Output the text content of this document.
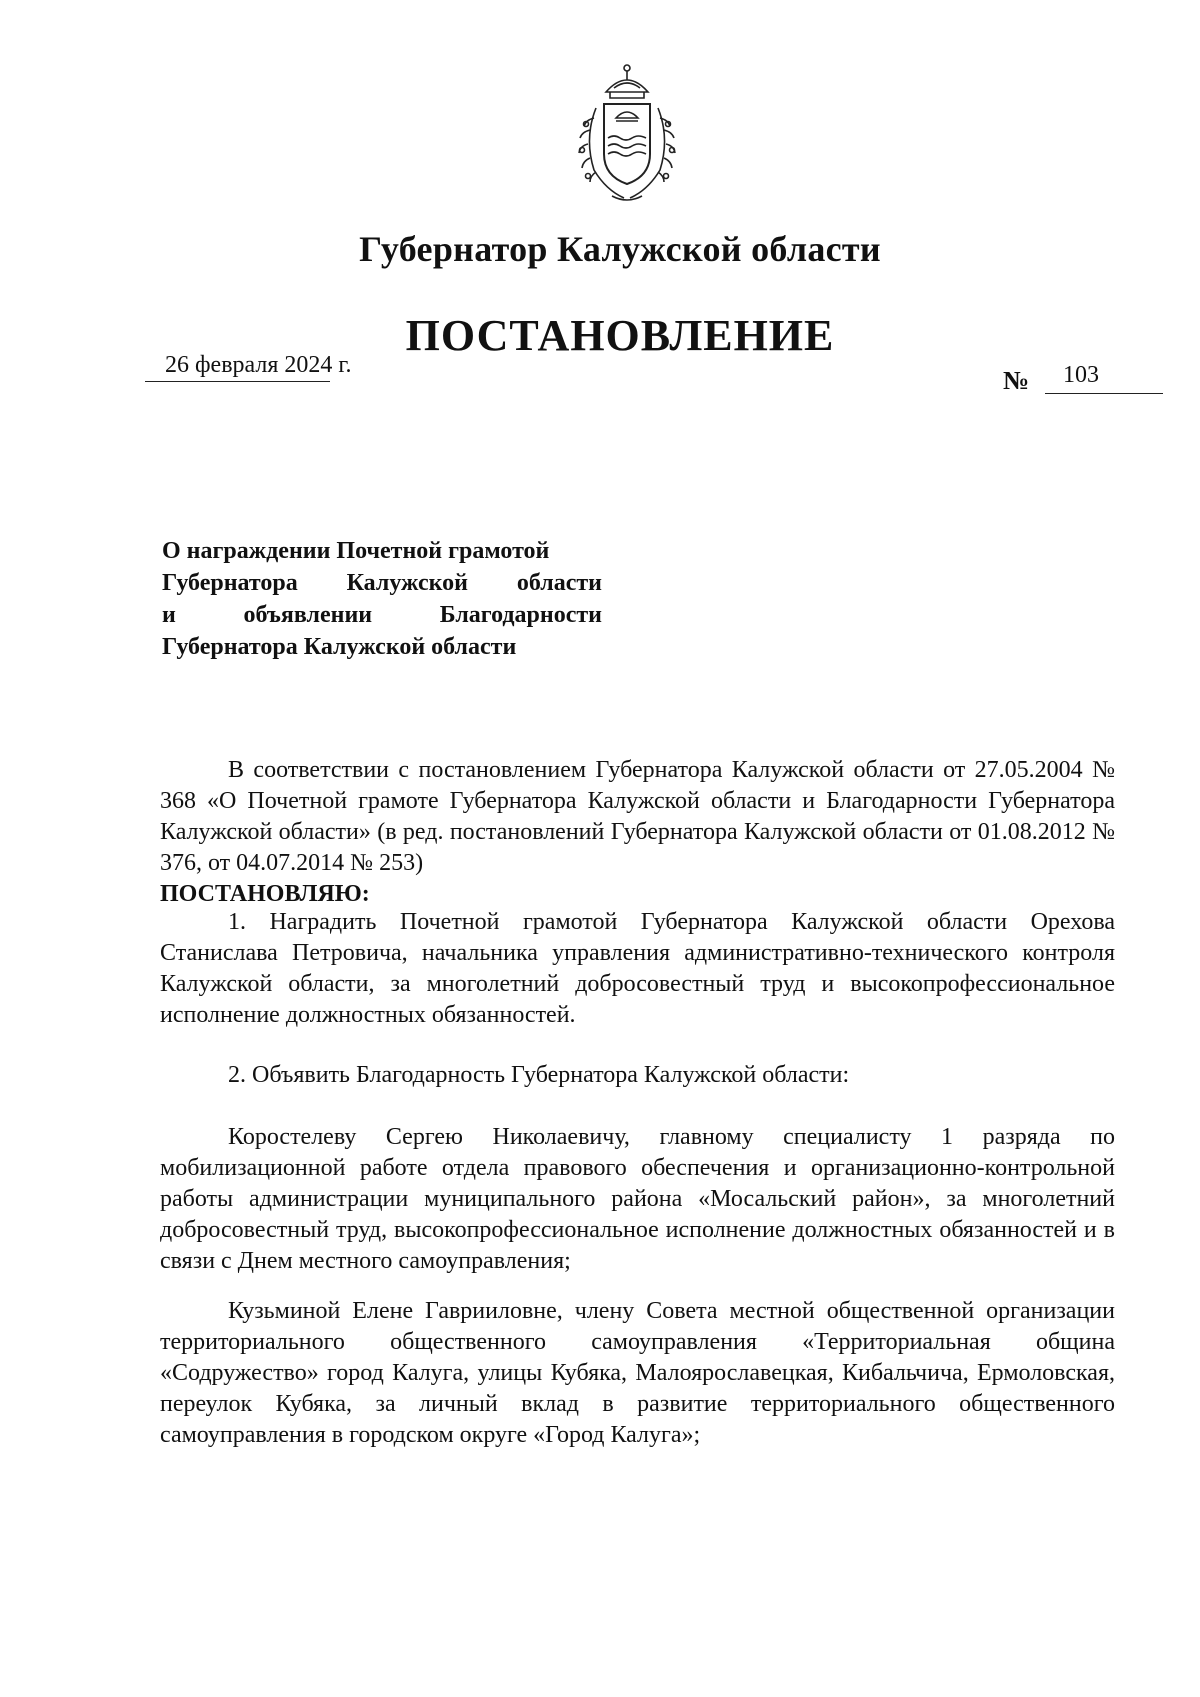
Губернатор Калужской области
ПОСТАНОВЛЕНИЕ
26 февраля 2024 г.
№ 103
О награждении Почетной грамотой
Губернатора Калужской области
и	объявлении	Благодарности
Губернатора Калужской области

В соответствии с постановлением Губернатора Калужской области от 27.05.2004 № 368 «О Почетной грамоте Губернатора Калужской области и Благодарности Губернатора Калужской области» (в ред. постановлений Губернатора Калужской области от 01.08.2012 № 376, от 04.07.2014 № 253)

ПОСТАНОВЛЯЮ:

1. Наградить Почетной грамотой Губернатора Калужской области Орехова Станислава Петровича, начальника управления административно-технического контроля Калужской области, за многолетний добросовестный труд и высокопрофессиональное исполнение должностных обязанностей.

2. Объявить Благодарность Губернатора Калужской области:

Коростелеву Сергею Николаевичу, главному специалисту 1 разряда по мобилизационной работе отдела правового обеспечения и организационно-контрольной работы администрации муниципального района «Мосальский район», за многолетний добросовестный труд, высокопрофессиональное исполнение должностных обязанностей и в связи с Днем местного самоуправления;

Кузьминой Елене Гаврииловне, члену Совета местной общественной организации территориального общественного самоуправления «Территориальная община «Содружество» город Калуга, улицы Кубяка, Малоярославецкая, Кибальчича, Ермоловская, переулок Кубяка, за личный вклад в развитие территориального общественного самоуправления в городском округе «Город Калуга»;
